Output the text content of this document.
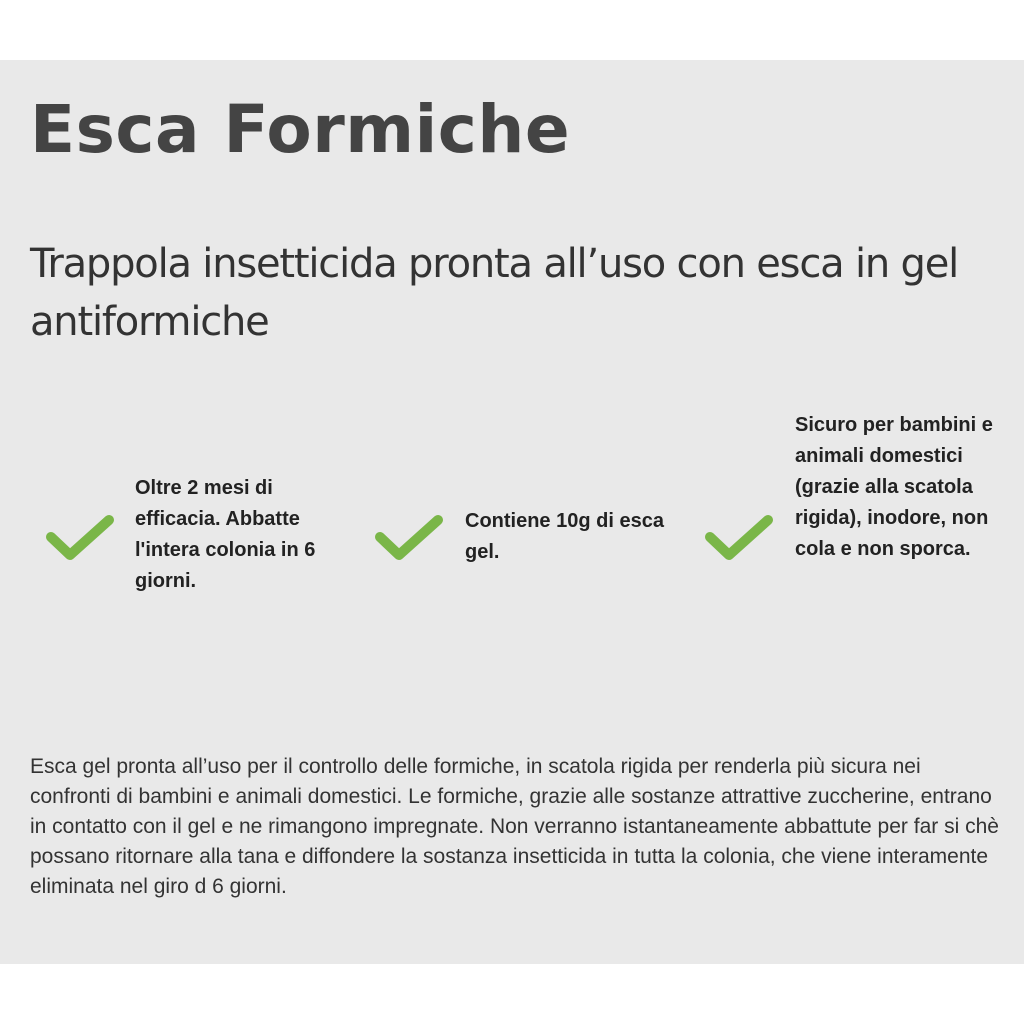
Esca Formiche
Trappola insetticida pronta all’uso con esca in gel antiformiche

Oltre 2 mesi di efficacia. Abbatte l'intera colonia in 6 giorni.

Contiene 10g di esca gel.

Sicuro per bambini e animali domestici (grazie alla scatola rigida), inodore, non cola e non sporca.

Esca gel pronta all’uso per il controllo delle formiche, in scatola rigida per renderla più sicura nei confronti di bambini e animali domestici. Le formiche, grazie alle sostanze attrattive zuccherine, entrano in contatto con il gel e ne rimangono impregnate. Non verranno istantaneamente abbattute per far si chè possano ritornare alla tana e diffondere la sostanza insetticida in tutta la colonia, che viene interamente eliminata nel giro d 6 giorni.
